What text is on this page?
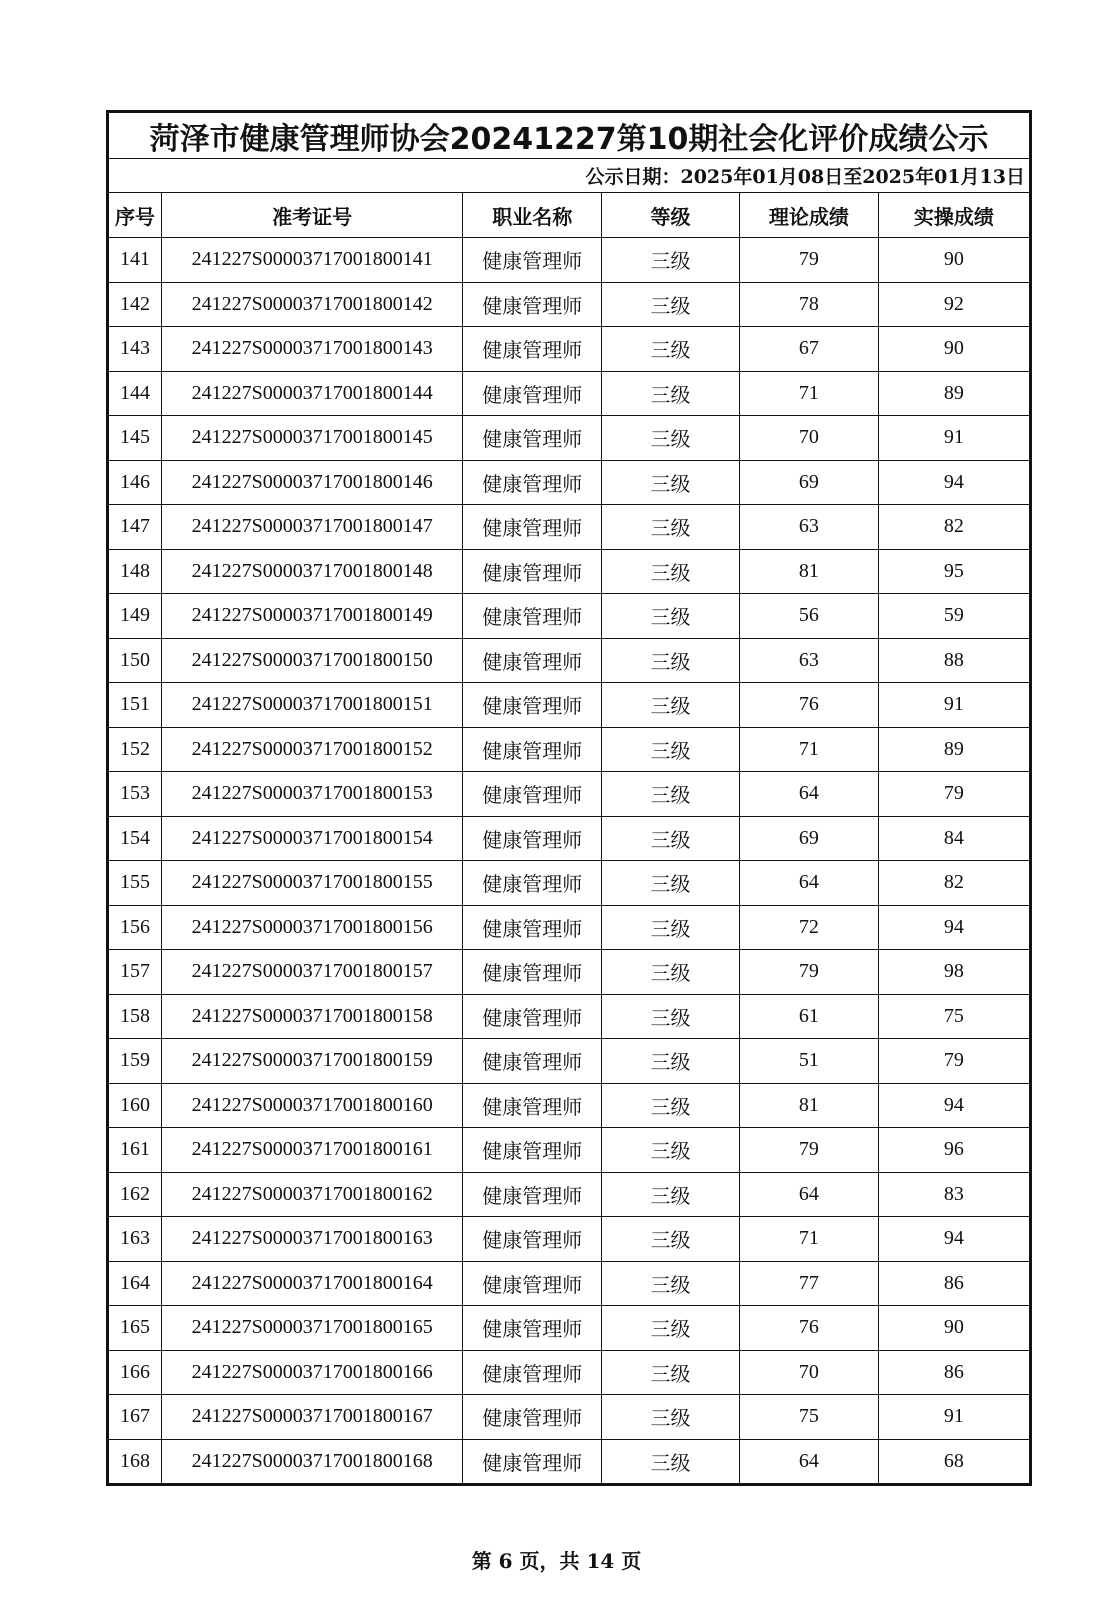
菏泽市健康管理师协会20241227第10期社会化评价成绩公示					
公示日期：2025年01月08日至2025年01月13日					
序号	准考证号	职业名称	等级	理论成绩	实操成绩
141	241227S00003717001800141	健康管理师	三级	79	90
142	241227S00003717001800142	健康管理师	三级	78	92
143	241227S00003717001800143	健康管理师	三级	67	90
144	241227S00003717001800144	健康管理师	三级	71	89
145	241227S00003717001800145	健康管理师	三级	70	91
146	241227S00003717001800146	健康管理师	三级	69	94
147	241227S00003717001800147	健康管理师	三级	63	82
148	241227S00003717001800148	健康管理师	三级	81	95
149	241227S00003717001800149	健康管理师	三级	56	59
150	241227S00003717001800150	健康管理师	三级	63	88
151	241227S00003717001800151	健康管理师	三级	76	91
152	241227S00003717001800152	健康管理师	三级	71	89
153	241227S00003717001800153	健康管理师	三级	64	79
154	241227S00003717001800154	健康管理师	三级	69	84
155	241227S00003717001800155	健康管理师	三级	64	82
156	241227S00003717001800156	健康管理师	三级	72	94
157	241227S00003717001800157	健康管理师	三级	79	98
158	241227S00003717001800158	健康管理师	三级	61	75
159	241227S00003717001800159	健康管理师	三级	51	79
160	241227S00003717001800160	健康管理师	三级	81	94
161	241227S00003717001800161	健康管理师	三级	79	96
162	241227S00003717001800162	健康管理师	三级	64	83
163	241227S00003717001800163	健康管理师	三级	71	94
164	241227S00003717001800164	健康管理师	三级	77	86
165	241227S00003717001800165	健康管理师	三级	76	90
166	241227S00003717001800166	健康管理师	三级	70	86
167	241227S00003717001800167	健康管理师	三级	75	91
168	241227S00003717001800168	健康管理师	三级	64	68
第 6 页，共 14 页
